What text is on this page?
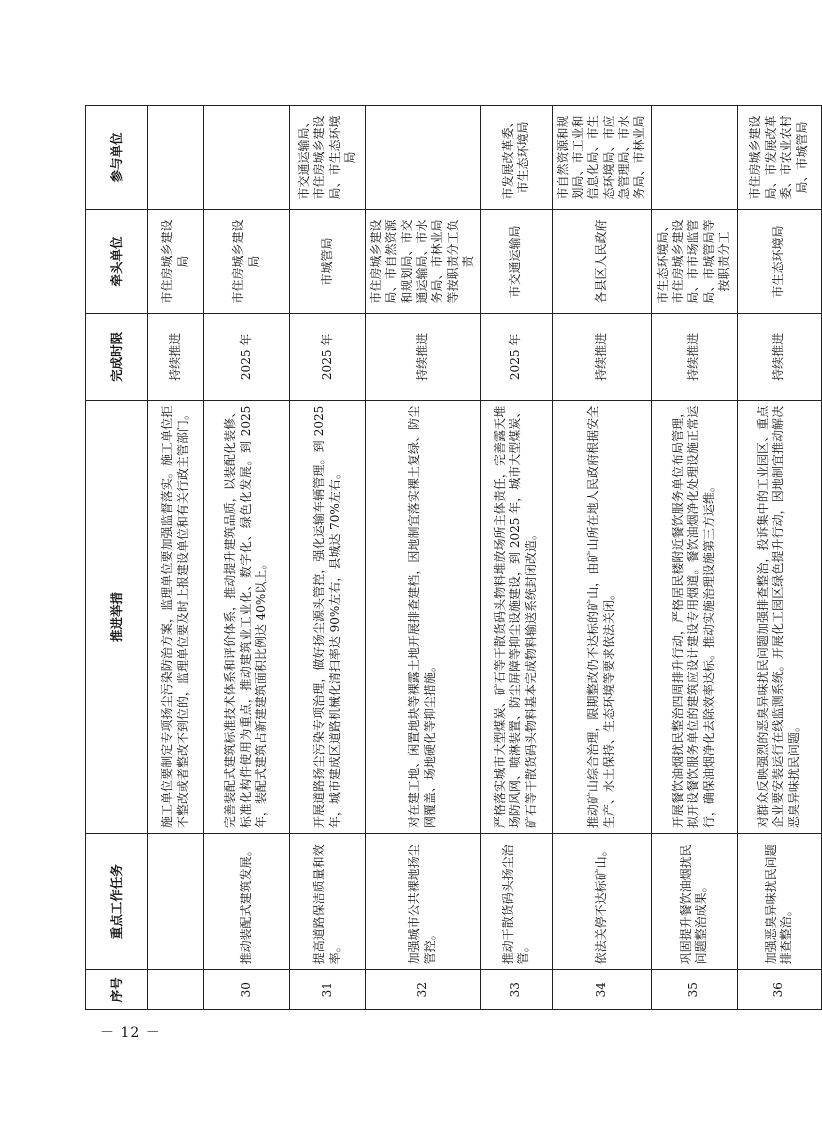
－ 12 －
序号	重点工作任务	推进举措	完成时限	牵头单位	参与单位
		施工单位要制定专项扬尘污染防治方案，监理单位要加强监督落实。施工单位拒不整改或者整改不到位的，监理单位要及时上报建设单位和有关行政主管部门。	持续推进	市住房城乡建设局	
30	推动装配式建筑发展。	完善装配式建筑标准技术体系和评价体系，推动提升建筑品质，以装配化装修、标准化构件使用为重点，推动建筑业工业化、数字化、绿色化发展。到 2025 年，装配式建筑占新建建筑面积比例达 40%以上。	2025 年	市住房城乡建设局	
31	提高道路保洁质量和效率。	开展道路扬尘污染专项治理，做好扬尘源头管控，强化运输车辆管理。到 2025 年，城市建成区道路机械化清扫率达 90%左右，县城达 70%左右。	2025 年	市城管局	市交通运输局、市住房城乡建设局、市生态环境局
32	加强城市公共裸地扬尘管控。	对在建工地、闲置地块等裸露土地开展排查建档，因地制宜落实裸土复绿、防尘网覆盖、场地硬化等抑尘措施。	持续推进	市住房城乡建设局、市自然资源和规划局、市交通运输局、市水务局、市林业局等按职责分工负责	
33	推动干散货码头扬尘治管。	严格落实城市大型煤炭、矿石等干散货码头物料堆放场所主体责任，完善露天堆场防风网、喷淋装置、防尘屏障等抑尘设施建设，到 2025 年，城市大型煤炭、矿石等干散货码头物料基本完成物料输送系统封闭改造。	2025 年	市交通运输局	市发展改革委、市生态环境局
34	依法关停不达标矿山。	推动矿山综合治理，限期整改仍不达标的矿山，由矿山所在地人民政府根据安全生产、水土保持、生态环境等要求依法关闭。	持续推进	各县区人民政府	市自然资源和规划局、市工业和信息化局、市生态环境局、市应急管理局、市水务局、市林业局
35	巩固提升餐饮油烟扰民问题整治成果。	开展餐饮油烟扰民整治四周排升行动，严格居民楼附近餐饮服务单位布局管理，拟开设餐饮服务单位的建筑应设计建设专用烟道。餐饮油烟净化处理设施正常运行，确保油烟净化去除效率达标。推动实施治理设施第三方运维。	持续推进	市生态环境局、市住房城乡建设局、市市场监管局、市城管局等按职责分工	
36	加强恶臭异味扰民问题排查整治。	对群众反映强烈的恶臭异味扰民问题加强排查整治，投诉集中的工业园区、重点企业要安装运行在线监测系统。开展化工园区绿色提升行动，因地制宜推动解决恶臭异味扰民问题。	持续推进	市生态环境局	市住房城乡建设局、市发展改革委、市农业农村局、市城管局
